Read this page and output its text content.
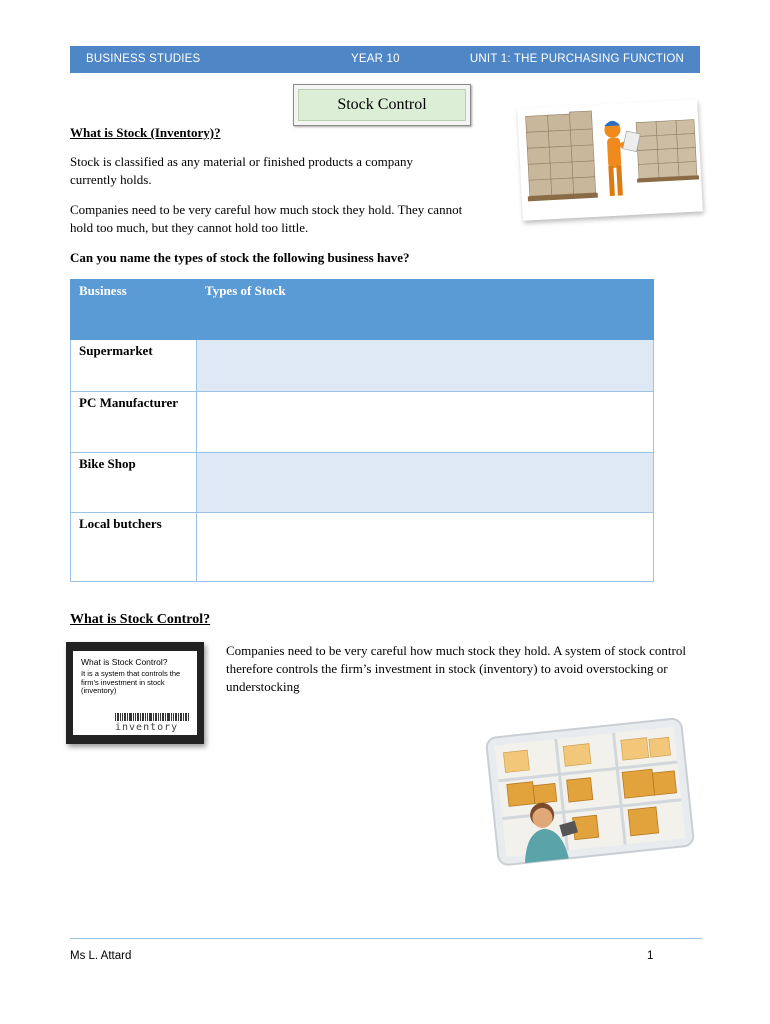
BUSINESS STUDIES	YEAR 10	UNIT 1: THE PURCHASING FUNCTION
Stock Control
What is Stock (Inventory)?
Stock is classified as any material or finished products a company currently holds.
Companies need to be very careful how much stock they hold. They cannot hold too much, but they cannot hold too little.
Can you name the types of stock the following business have?
Business	Types of Stock
Supermarket	
PC Manufacturer	
Bike Shop	
Local butchers	
What is Stock Control?
Companies need to be very careful how much stock they hold. A system of stock control therefore controls the firm’s investment in stock (inventory) to avoid overstocking or understocking
What is Stock Control?
It is a system that controls the firm’s investment in stock (inventory)
inventory
Ms L. Attard	1
